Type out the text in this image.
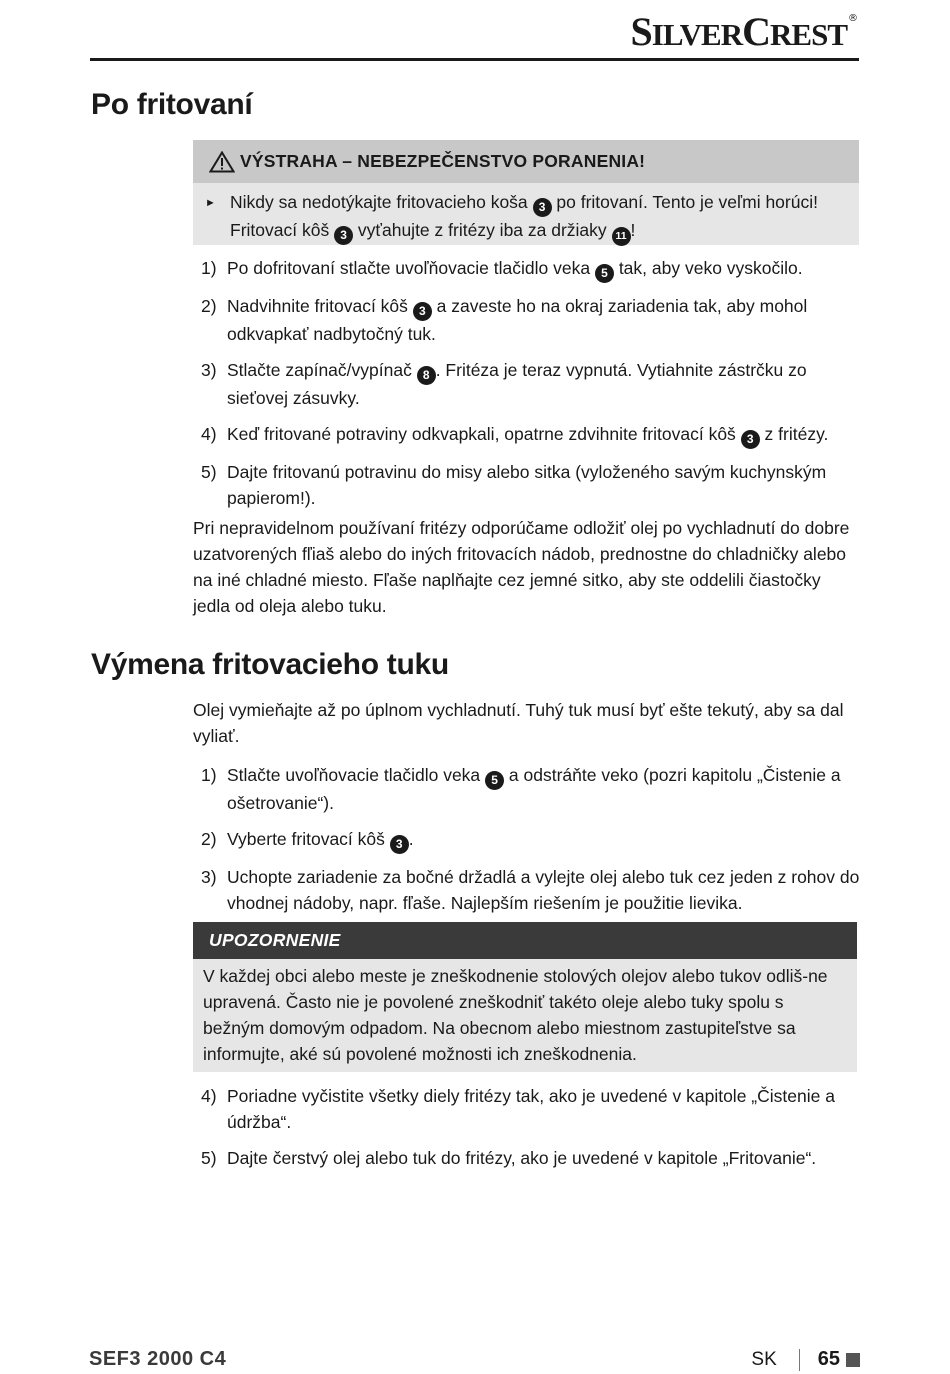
S ILVER C REST ®
Po fritovaní
VÝSTRAHA – NEBEZPEČENSTVO PORANENIA!
► Nikdy sa nedotýkajte fritovacieho koša 3 po fritovaní. Tento je veľmi horúci! Fritovací kôš 3 vyťahujte z fritézy iba za držiaky 11 !
1) Po dofritovaní stlačte uvoľňovacie tlačidlo veka 5 tak, aby veko vyskočilo.
2) Nadvihnite fritovací kôš 3 a zaveste ho na okraj zariadenia tak, aby mohol odkvapkať nadbytočný tuk.
3) Stlačte zapínač/vypínač 8 . Fritéza je teraz vypnutá. Vytiahnite zástrčku zo sieťovej zásuvky.
4) Keď fritované potraviny odkvapkali, opatrne zdvihnite fritovací kôš 3 z fritézy.
5) Dajte fritovanú potravinu do misy alebo sitka (vyloženého savým kuchynským papierom!).

Pri nepravidelnom používaní fritézy odporúčame odložiť olej po vychladnutí do dobre uzatvorených fľiaš alebo do iných fritovacích nádob, prednostne do chladničky alebo na iné chladné miesto. Fľaše naplňajte cez jemné sitko, aby ste oddelili čiastočky jedla od oleja alebo tuku.

Výmena fritovacieho tuku

Olej vymieňajte až po úplnom vychladnutí. Tuhý tuk musí byť ešte tekutý, aby sa dal vyliať.

1) Stlačte uvoľňovacie tlačidlo veka 5 a odstráňte veko (pozri kapitolu „Čistenie a ošetrovanie“).
2) Vyberte fritovací kôš 3 .
3) Uchopte zariadenie za bočné držadlá a vylejte olej alebo tuk cez jeden z rohov do vhodnej nádoby, napr. fľaše. Najlepším riešením je použitie lievika.
UPOZORNENIE
V každej obci alebo meste je zneškodnenie stolových olejov alebo tukov odliš-ne upravená. Často nie je povolené zneškodniť takéto oleje alebo tuky spolu s bežným domovým odpadom. Na obecnom alebo miestnom zastupiteľstve sa informujte, aké sú povolené možnosti ich zneškodnenia.
4) Poriadne vyčistite všetky diely fritézy tak, ako je uvedené v kapitole „Čistenie a údržba“.
5) Dajte čerstvý olej alebo tuk do fritézy, ako je uvedené v kapitole „Fritovanie“.
SEF3 2000 C4	SK 65
